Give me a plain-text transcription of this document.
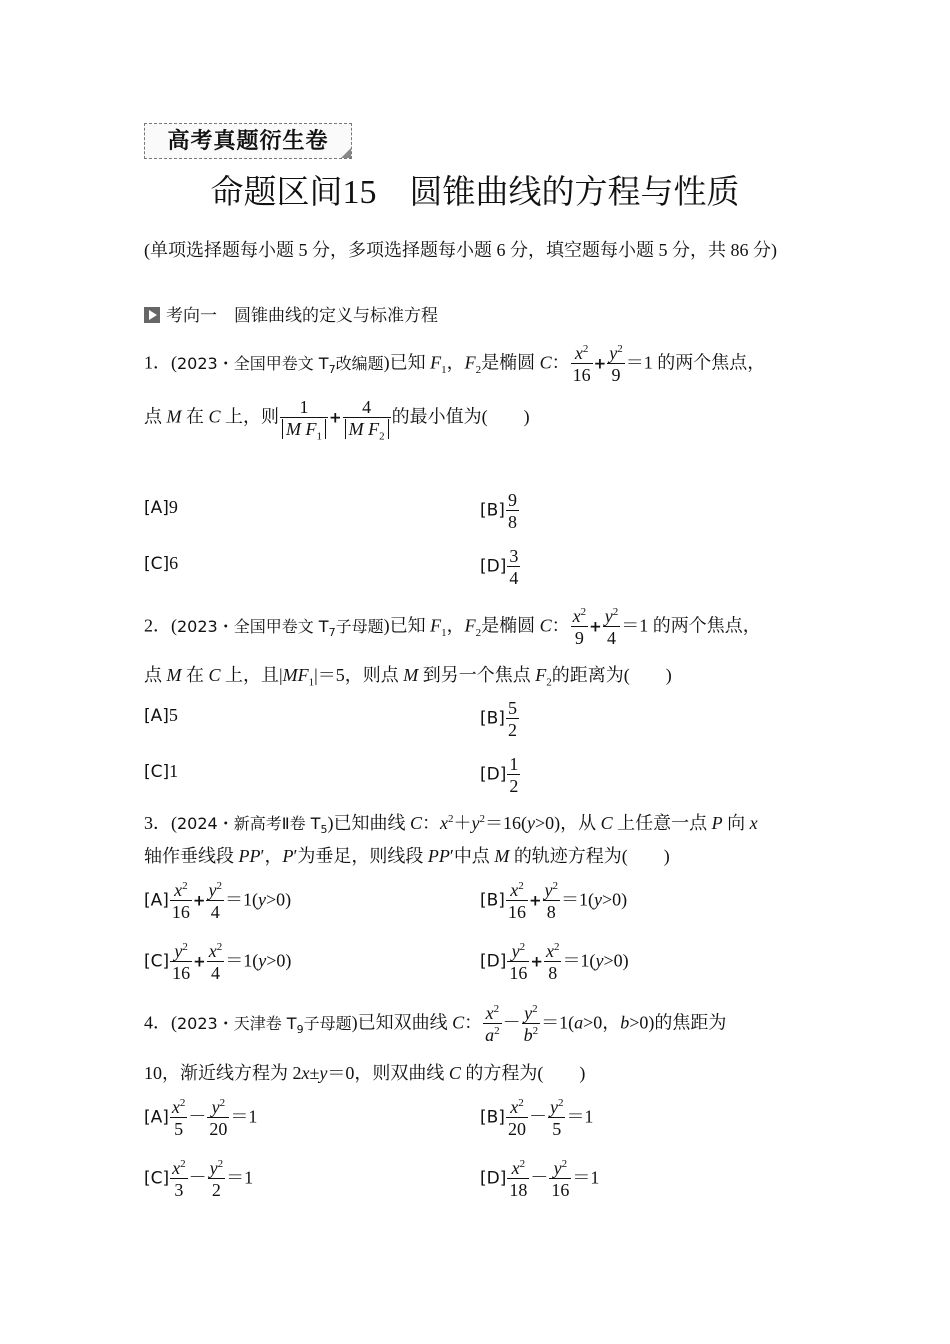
高考真题衍生卷
命题区间15　 圆锥曲线的方程与性质
(单项选择题每小题 5 分，多项选择题每小题 6 分，填空题每小题 5 分，共 86 分)
考向一　圆锥曲线的定义与标准方程
1．(2023・全国甲卷文 $T_7$改编题)已知 $F_1$，$F_2$是椭圆 C： $\frac{x^2}{16} + \frac{y^2}{9} =1$ 的两个焦点，
点 M 在 C 上，则 $\frac{1}{M F_1} + \frac{4}{M F_2}$ 的最小值为(　　)
[A]9	$[B] \frac{9}{8}$
[C]6	$[D] \frac{3}{4}$
2．(2023・全国甲卷文 $T_7$子母题)已知 $F_1$，$F_2$是椭圆 C： $\frac{x^2}{9} + \frac{y^2}{4} =1$ 的两个焦点，
点 M 在 C 上，且$|MF_1|=5$，则点 M 到另一个焦点 $F_2$的距离为(　　)
[A]5	$[B] \frac{5}{2}$
[C]1	$[D] \frac{1}{2}$
3．(2024・新高考Ⅱ卷 $T_5$)已知曲线 C：$x^2+y^2=16(y>0)$，从 C 上任意一点 P 向 x
轴作垂线段 PP′，P′为垂足，则线段 PP′中点 M 的轨迹方程为(　　)
$[A] \frac{x^2}{16} + \frac{y^2}{4} =1(y>0)$	$[B] \frac{x^2}{16} + \frac{y^2}{8} =1(y>0)$
$[C] \frac{y^2}{16} + \frac{x^2}{4} =1(y>0)$	$[D] \frac{y^2}{16} + \frac{x^2}{8} =1(y>0)$
4．(2023・天津卷 $T_9$子母题)已知双曲线 C： $\frac{x^2}{a^2} - \frac{y^2}{b^2} =1(a>0$，b>0)的焦距为
10，渐近线方程为 2x±y＝0，则双曲线 C 的方程为(　　)
$[A] \frac{x^2}{5} - \frac{y^2}{20} =1$	$[B] \frac{x^2}{20} - \frac{y^2}{5} =1$
$[C] \frac{x^2}{3} - \frac{y^2}{2} =1$	$[D] \frac{x^2}{18} - \frac{y^2}{16} =1$
